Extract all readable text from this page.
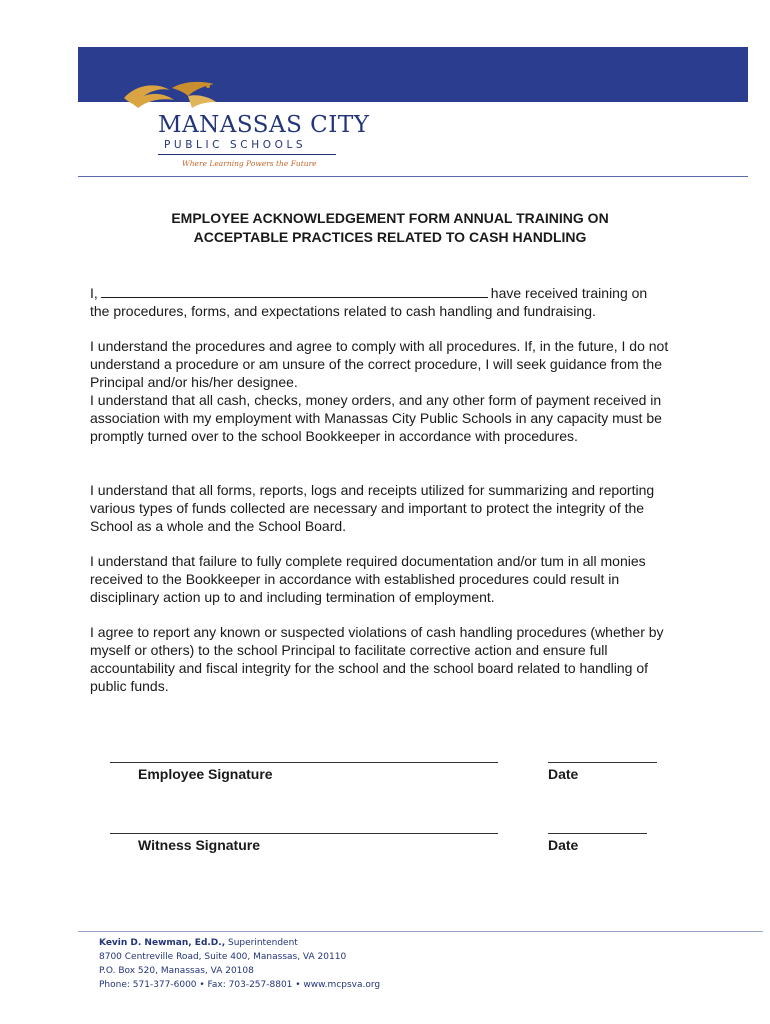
MANASSAS CITY
PUBLIC SCHOOLS
Where Learning Powers the Future
EMPLOYEE ACKNOWLEDGEMENT FORM ANNUAL TRAINING ON
ACCEPTABLE PRACTICES RELATED TO CASH HANDLING
I,	have received training on
the procedures, forms, and expectations related to cash handling and fundraising.
I understand the procedures and agree to comply with all procedures. If, in the future, I do not understand a procedure or am unsure of the correct procedure, I will seek guidance from the Principal and/or his/her designee.
I understand that all cash, checks, money orders, and any other form of payment received in association with my employment with Manassas City Public Schools in any capacity must be promptly turned over to the school Bookkeeper in accordance with procedures.
I understand that all forms, reports, logs and receipts utilized for summarizing and reporting various types of funds collected are necessary and important to protect the integrity of the School as a whole and the School Board.
I understand that failure to fully complete required documentation and/or tum in all monies received to the Bookkeeper in accordance with established procedures could result in disciplinary action up to and including termination of employment.
I agree to report any known or suspected violations of cash handling procedures (whether by myself or others) to the school Principal to facilitate corrective action and ensure full accountability and fiscal integrity for the school and the school board related to handling of public funds.
Employee Signature	Date
Witness Signature	Date
Kevin D. Newman, Ed.D., Superintendent
8700 Centreville Road, Suite 400, Manassas, VA 20110
P.O. Box 520, Manassas, VA 20108
Phone: 571-377-6000 • Fax: 703-257-8801 • www.mcpsva.org
